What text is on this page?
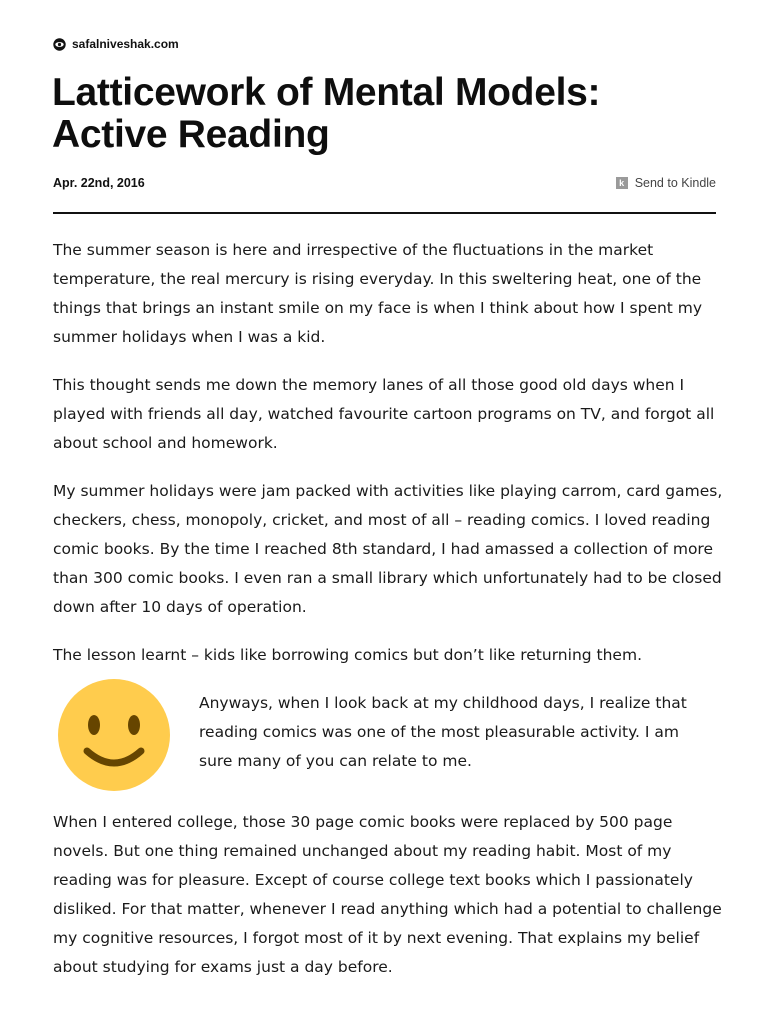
safalniveshak.com
Latticework of Mental Models:
Active Reading
Apr. 22nd, 2016	k Send to Kindle

The summer season is here and irrespective of the fluctuations in the market temperature, the real mercury is rising everyday. In this sweltering heat, one of the things that brings an instant smile on my face is when I think about how I spent my summer holidays when I was a kid.

This thought sends me down the memory lanes of all those good old days when I played with friends all day, watched favourite cartoon programs on TV, and forgot all about school and homework.

My summer holidays were jam packed with activities like playing carrom, card games, checkers, chess, monopoly, cricket, and most of all – reading comics. I loved reading comic books. By the time I reached 8th standard, I had amassed a collection of more than 300 comic books. I even ran a small library which unfortunately had to be closed down after 10 days of operation.

The lesson learnt – kids like borrowing comics but don’t like returning them.

Anyways, when I look back at my childhood days, I realize that reading comics was one of the most pleasurable activity. I am sure many of you can relate to me.

When I entered college, those 30 page comic books were replaced by 500 page novels. But one thing remained unchanged about my reading habit. Most of my reading was for pleasure. Except of course college text books which I passionately disliked. For that matter, whenever I read anything which had a potential to challenge my cognitive resources, I forgot most of it by next evening. That explains my belief about studying for exams just a day before.
